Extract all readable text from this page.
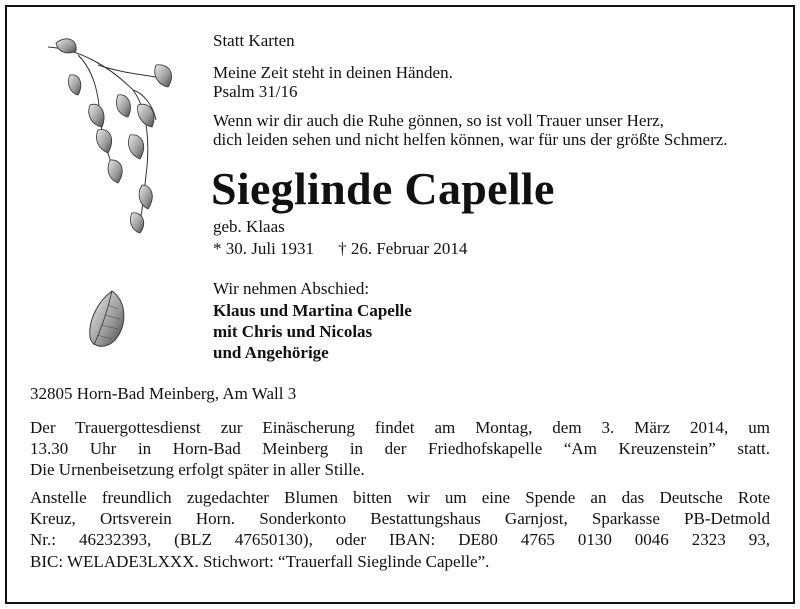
Statt Karten
Meine Zeit steht in deinen Händen.
Psalm 31/16
Wenn wir dir auch die Ruhe gönnen, so ist voll Trauer unser Herz,
dich leiden sehen und nicht helfen können, war für uns der größte Schmerz.
Sieglinde Capelle
geb. Klaas
* 30. Juli 1931 † 26. Februar 2014
Wir nehmen Abschied:
Klaus und Martina Capelle
mit Chris und Nicolas
und Angehörige
32805 Horn-Bad Meinberg, Am Wall 3
Der Trauergottesdienst zur Einäscherung findet am Montag, dem 3. März 2014, um
13.30 Uhr in Horn-Bad Meinberg in der Friedhofskapelle “Am Kreuzenstein” statt.
Die Urnenbeisetzung erfolgt später in aller Stille.
Anstelle freundlich zugedachter Blumen bitten wir um eine Spende an das Deutsche Rote
Kreuz, Ortsverein Horn. Sonderkonto Bestattungshaus Garnjost, Sparkasse PB-Detmold
Nr.: 46232393, (BLZ 47650130), oder IBAN: DE80 4765 0130 0046 2323 93,
BIC: WELADE3LXXX. Stichwort: “Trauerfall Sieglinde Capelle”.
